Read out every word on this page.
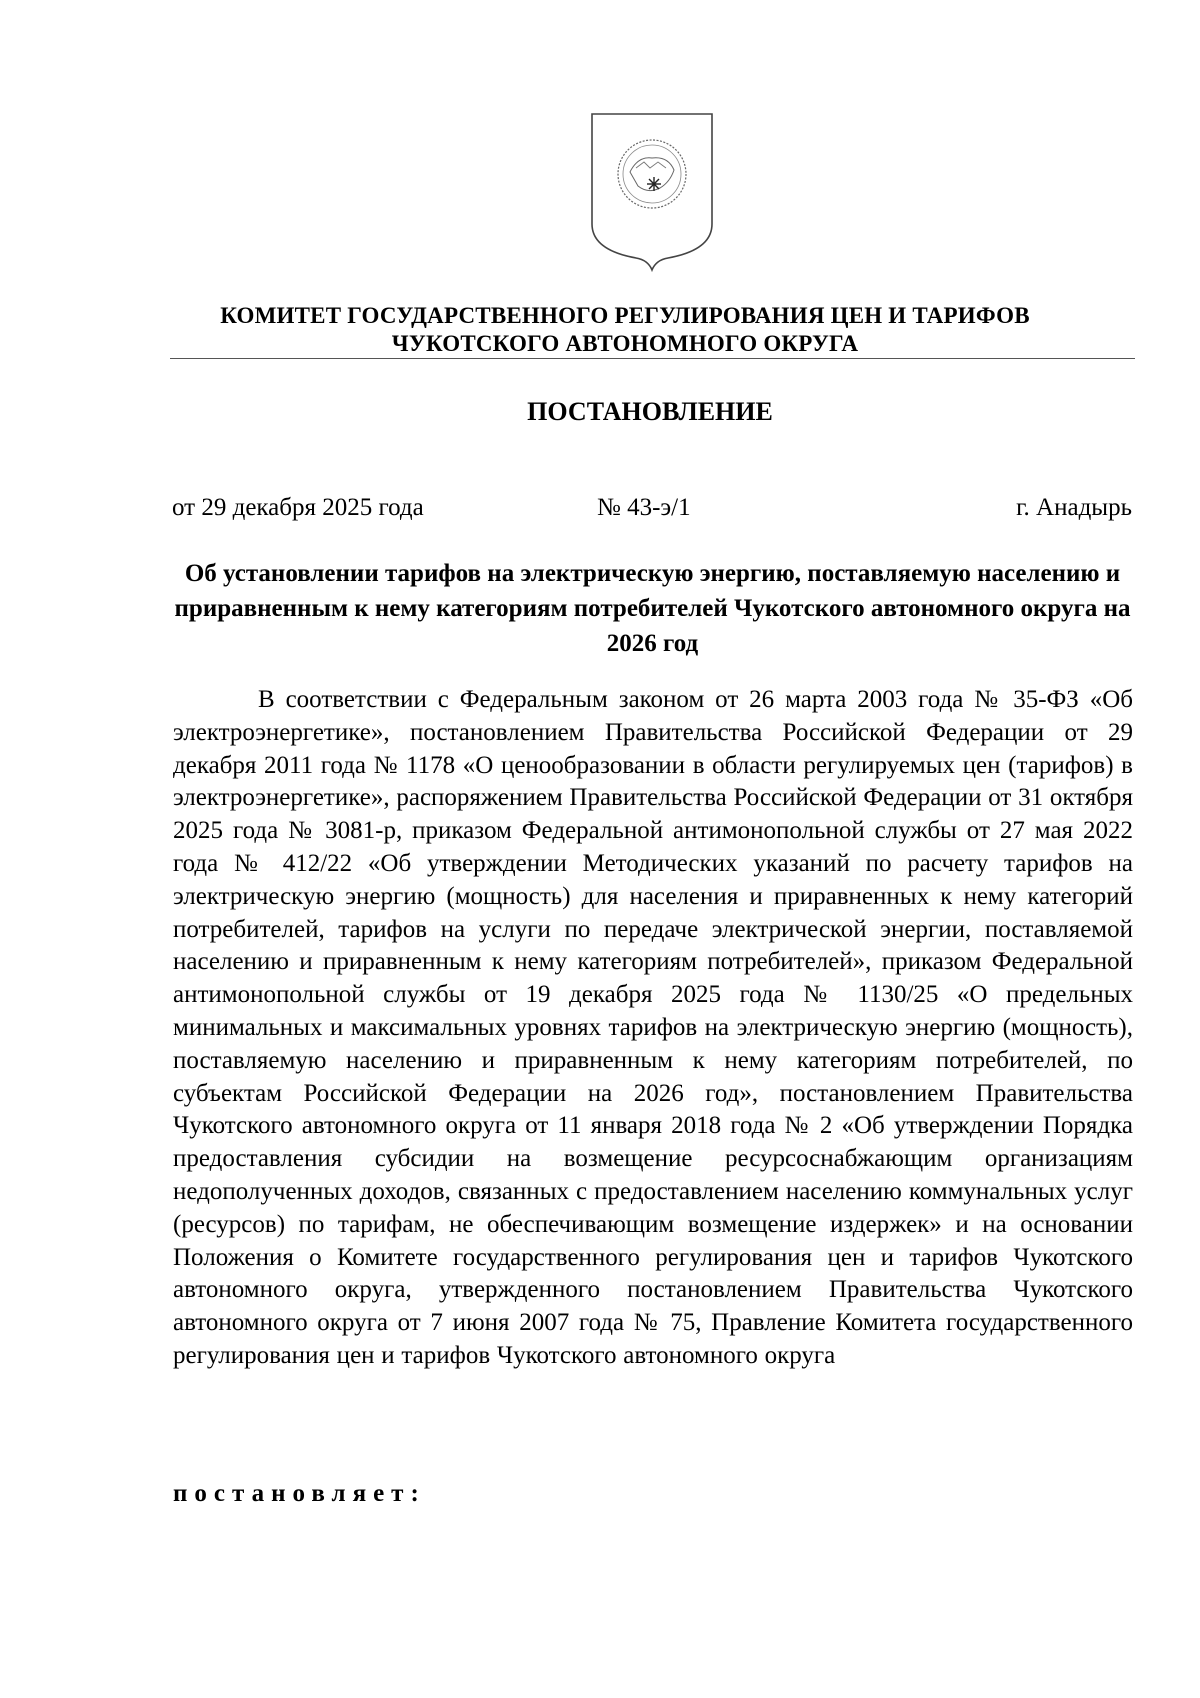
КОМИТЕТ ГОСУДАРСТВЕННОГО РЕГУЛИРОВАНИЯ ЦЕН И ТАРИФОВ
ЧУКОТСКОГО АВТОНОМНОГО ОКРУГА
ПОСТАНОВЛЕНИЕ
от 29 декабря 2025 года	№ 43-э/1	г. Анадырь
Об установлении тарифов на электрическую энергию, поставляемую населению и приравненным к нему категориям потребителей Чукотского автономного округа на 2026 год
В соответствии с Федеральным законом от 26 марта 2003 года № 35-ФЗ «Об электроэнергетике», постановлением Правительства Российской Федерации от 29 декабря 2011 года № 1178 «О ценообразовании в области регулируемых цен (тарифов) в электроэнергетике», распоряжением Правительства Российской Федерации от 31 октября 2025 года № 3081-р, приказом Федеральной антимонопольной службы от 27 мая 2022 года № 412/22 «Об утверждении Методических указаний по расчету тарифов на электрическую энергию (мощность) для населения и приравненных к нему категорий потребителей, тарифов на услуги по передаче электрической энергии, поставляемой населению и приравненным к нему категориям потребителей», приказом Федеральной антимонопольной службы от 19 декабря 2025 года № 1130/25 «О предельных минимальных и максимальных уровнях тарифов на электрическую энергию (мощность), поставляемую населению и приравненным к нему категориям потребителей, по субъектам Российской Федерации на 2026 год», постановлением Правительства Чукотского автономного округа от 11 января 2018 года № 2 «Об утверждении Порядка предоставления субсидии на возмещение ресурсоснабжающим организациям недополученных доходов, связанных с предоставлением населению коммунальных услуг (ресурсов) по тарифам, не обеспечивающим возмещение издержек» и на основании Положения о Комитете государственного регулирования цен и тарифов Чукотского автономного округа, утвержденного постановлением Правительства Чукотского автономного округа от 7 июня 2007 года № 75, Правление Комитета государственного регулирования цен и тарифов Чукотского автономного округа
постановляет:
